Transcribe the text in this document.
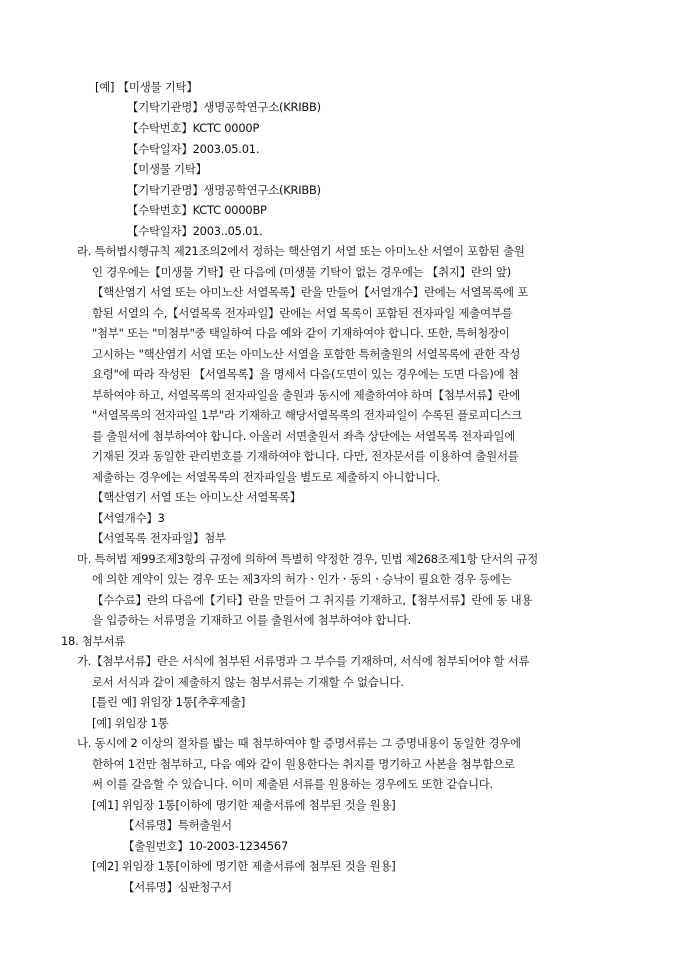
[예] 【미생물 기탁】
【기탁기관명】생명공학연구소(KRIBB)
【수탁번호】KCTC 0000P
【수탁일자】2003.05.01.
【미생물 기탁】
【기탁기관명】생명공학연구소(KRIBB)
【수탁번호】KCTC 0000BP
【수탁일자】2003..05.01.
라. 특허법시행규칙 제21조의2에서 정하는 핵산염기 서열 또는 아미노산 서열이 포함된 출원
인 경우에는【미생물 기탁】란 다음에 (미생물 기탁이 없는 경우에는 【취지】란의 앞)
【핵산염기 서열 또는 아미노산 서열목록】란을 만들어【서열개수】란에는 서열목록에 포
함된 서열의 수,【서열목록 전자파일】란에는 서열 목록이 포함된 전자파일 제출여부를
"첨부" 또는 "미첨부"중 택일하여 다음 예와 같이 기재하여야 합니다. 또한, 특허청장이
고시하는 "핵산염기 서열 또는 아미노산 서열을 포함한 특허출원의 서열목록에 관한 작성
요령"에 따라 작성된 【서열목록】을 명세서 다음(도면이 있는 경우에는 도면 다음)에 첨
부하여야 하고, 서열목록의 전자파일을 출원과 동시에 제출하여야 하며【첨부서류】란에
"서열목록의 전자파일 1부"라 기재하고 해당서열목록의 전자파일이 수록된 플로피디스크
를 출원서에 첨부하여야 합니다. 아울러 서면출원서 좌측 상단에는 서열목록 전자파일에
기재된 것과 동일한 관리번호를 기재하여야 합니다. 다만, 전자문서를 이용하여 출원서를
제출하는 경우에는 서열목록의 전자파일을 별도로 제출하지 아니합니다.
【핵산염기 서열 또는 아미노산 서열목록】
【서열개수】3
【서열목록 전자파일】첨부
마. 특허법 제99조제3항의 규정에 의하여 특별히 약정한 경우, 민법 제268조제1항 단서의 규정
에 의한 계약이 있는 경우 또는 제3자의 허가ㆍ인가ㆍ동의ㆍ승낙이 필요한 경우 등에는
【수수료】란의 다음에【기타】란을 만들어 그 취지를 기재하고,【첨부서류】란에 동 내용
을 입증하는 서류명을 기재하고 이를 출원서에 첨부하여야 합니다.
18. 첨부서류
가.【첨부서류】란은 서식에 첨부된 서류명과 그 부수를 기재하며, 서식에 첨부되어야 할 서류
로서 서식과 같이 제출하지 않는 첨부서류는 기재할 수 없습니다.
[틀린 예] 위임장 1통[추후제출]
[예] 위임장 1통
나. 동시에 2 이상의 절차를 밟는 때 첨부하여야 할 증명서류는 그 증명내용이 동일한 경우에
한하여 1건만 첨부하고, 다음 예와 같이 원용한다는 취지를 명기하고 사본을 첨부함으로
써 이를 갈음할 수 있습니다. 이미 제출된 서류를 원용하는 경우에도 또한 같습니다.
[예1] 위임장 1통[이하에 명기한 제출서류에 첨부된 것을 원용]
【서류명】특허출원서
【출원번호】10-2003-1234567
[예2] 위임장 1통[이하에 명기한 제출서류에 첨부된 것을 원용]
【서류명】심판청구서
